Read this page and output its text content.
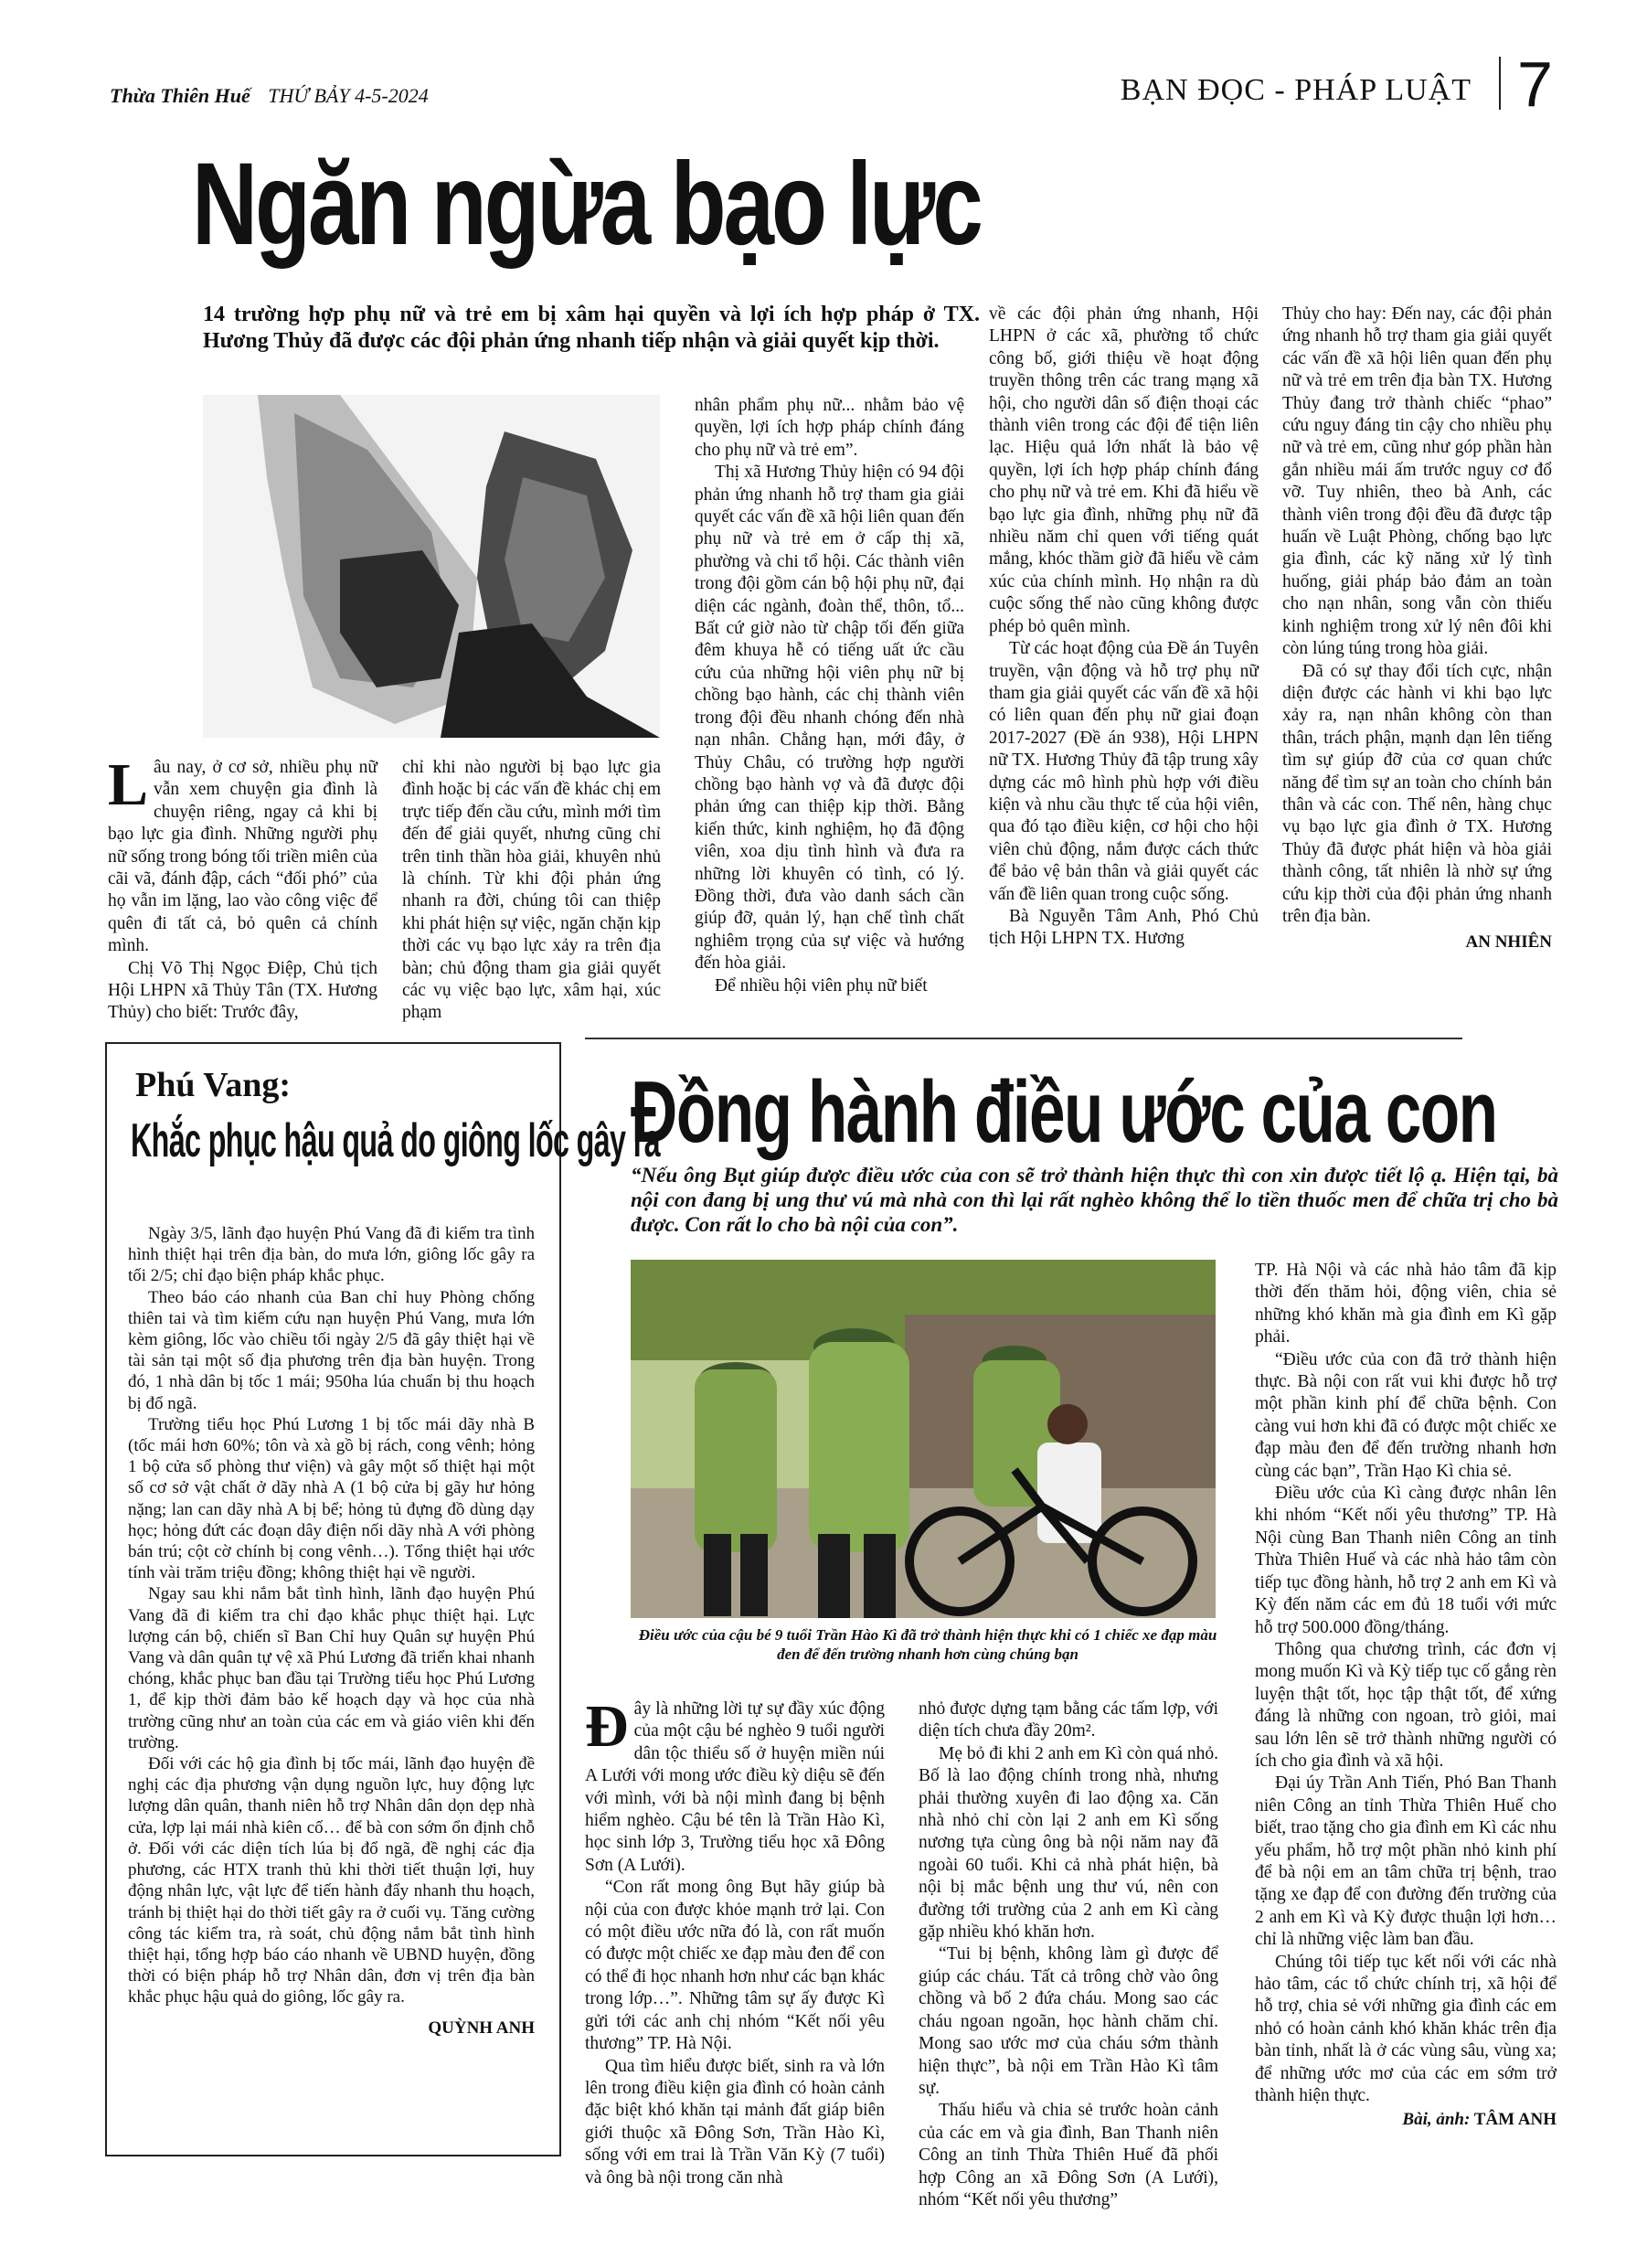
Thừa Thiên Huế THỨ BẢY 4-5-2024	BẠN ĐỌC - PHÁP LUẬT 7
Ngăn ngừa bạo lực
14 trường hợp phụ nữ và trẻ em bị xâm hại quyền và lợi ích hợp pháp ở TX. Hương Thủy đã được các đội phản ứng nhanh tiếp nhận và giải quyết kịp thời.

Lâu nay, ở cơ sở, nhiều phụ nữ vẫn xem chuyện gia đình là chuyện riêng, ngay cả khi bị bạo lực gia đình. Những người phụ nữ sống trong bóng tối triền miên của cãi vã, đánh đập, cách “đối phó” của họ vẫn im lặng, lao vào công việc để quên đi tất cả, bỏ quên cả chính mình.

Chị Võ Thị Ngọc Điệp, Chủ tịch Hội LHPN xã Thủy Tân (TX. Hương Thủy) cho biết: Trước đây,

chỉ khi nào người bị bạo lực gia đình hoặc bị các vấn đề khác chị em trực tiếp đến cầu cứu, mình mới tìm đến để giải quyết, nhưng cũng chỉ trên tinh thần hòa giải, khuyên nhủ là chính. Từ khi đội phản ứng nhanh ra đời, chúng tôi can thiệp khi phát hiện sự việc, ngăn chặn kịp thời các vụ bạo lực xảy ra trên địa bàn; chủ động tham gia giải quyết các vụ việc bạo lực, xâm hại, xúc phạm

nhân phẩm phụ nữ... nhằm bảo vệ quyền, lợi ích hợp pháp chính đáng cho phụ nữ và trẻ em”.

Thị xã Hương Thủy hiện có 94 đội phản ứng nhanh hỗ trợ tham gia giải quyết các vấn đề xã hội liên quan đến phụ nữ và trẻ em ở cấp thị xã, phường và chi tổ hội. Các thành viên trong đội gồm cán bộ hội phụ nữ, đại diện các ngành, đoàn thể, thôn, tổ... Bất cứ giờ nào từ chập tối đến giữa đêm khuya hễ có tiếng uất ức cầu cứu của những hội viên phụ nữ bị chồng bạo hành, các chị thành viên trong đội đều nhanh chóng đến nhà nạn nhân. Chẳng hạn, mới đây, ở Thủy Châu, có trường hợp người chồng bạo hành vợ và đã được đội phản ứng can thiệp kịp thời. Bằng kiến thức, kinh nghiệm, họ đã động viên, xoa dịu tình hình và đưa ra những lời khuyên có tình, có lý. Đồng thời, đưa vào danh sách cần giúp đỡ, quản lý, hạn chế tình chất nghiêm trọng của sự việc và hướng đến hòa giải.

Để nhiều hội viên phụ nữ biết

về các đội phản ứng nhanh, Hội LHPN ở các xã, phường tổ chức công bố, giới thiệu về hoạt động truyền thông trên các trang mạng xã hội, cho người dân số điện thoại các thành viên trong các đội để tiện liên lạc. Hiệu quả lớn nhất là bảo vệ quyền, lợi ích hợp pháp chính đáng cho phụ nữ và trẻ em. Khi đã hiểu về bạo lực gia đình, những phụ nữ đã nhiều năm chỉ quen với tiếng quát mắng, khóc thầm giờ đã hiểu về cảm xúc của chính mình. Họ nhận ra dù cuộc sống thế nào cũng không được phép bỏ quên mình.

Từ các hoạt động của Đề án Tuyên truyền, vận động và hỗ trợ phụ nữ tham gia giải quyết các vấn đề xã hội có liên quan đến phụ nữ giai đoạn 2017-2027 (Đề án 938), Hội LHPN nữ TX. Hương Thủy đã tập trung xây dựng các mô hình phù hợp với điều kiện và nhu cầu thực tế của hội viên, qua đó tạo điều kiện, cơ hội cho hội viên chủ động, nắm được cách thức để bảo vệ bản thân và giải quyết các vấn đề liên quan trong cuộc sống.

Bà Nguyễn Tâm Anh, Phó Chủ tịch Hội LHPN TX. Hương

Thủy cho hay: Đến nay, các đội phản ứng nhanh hỗ trợ tham gia giải quyết các vấn đề xã hội liên quan đến phụ nữ và trẻ em trên địa bàn TX. Hương Thủy đang trở thành chiếc “phao” cứu nguy đáng tin cậy cho nhiều phụ nữ và trẻ em, cũng như góp phần hàn gắn nhiều mái ấm trước nguy cơ đổ vỡ. Tuy nhiên, theo bà Anh, các thành viên trong đội đều đã được tập huấn về Luật Phòng, chống bạo lực gia đình, các kỹ năng xử lý tình huống, giải pháp bảo đảm an toàn cho nạn nhân, song vẫn còn thiếu kinh nghiệm trong xử lý nên đôi khi còn lúng túng trong hòa giải.

Đã có sự thay đổi tích cực, nhận diện được các hành vi khi bạo lực xảy ra, nạn nhân không còn than thân, trách phận, mạnh dạn lên tiếng tìm sự giúp đỡ của cơ quan chức năng để tìm sự an toàn cho chính bản thân và các con. Thế nên, hàng chục vụ bạo lực gia đình ở TX. Hương Thủy đã được phát hiện và hòa giải thành công, tất nhiên là nhờ sự ứng cứu kịp thời của đội phản ứng nhanh trên địa bàn.

AN NHIÊN
Phú Vang:
Khắc phục hậu quả do giông lốc gây ra

Ngày 3/5, lãnh đạo huyện Phú Vang đã đi kiểm tra tình hình thiệt hại trên địa bàn, do mưa lớn, giông lốc gây ra tối 2/5; chỉ đạo biện pháp khắc phục.

Theo báo cáo nhanh của Ban chỉ huy Phòng chống thiên tai và tìm kiếm cứu nạn huyện Phú Vang, mưa lớn kèm giông, lốc vào chiều tối ngày 2/5 đã gây thiệt hại về tài sản tại một số địa phương trên địa bàn huyện. Trong đó, 1 nhà dân bị tốc 1 mái; 950ha lúa chuẩn bị thu hoạch bị đổ ngã.

Trường tiểu học Phú Lương 1 bị tốc mái dãy nhà B (tốc mái hơn 60%; tôn và xà gồ bị rách, cong vênh; hỏng 1 bộ cửa sổ phòng thư viện) và gây một số thiệt hại một số cơ sở vật chất ở dãy nhà A (1 bộ cửa bị gãy hư hỏng nặng; lan can dãy nhà A bị bể; hỏng tủ đựng đồ dùng dạy học; hỏng đứt các đoạn dây điện nối dãy nhà A với phòng bán trú; cột cờ chính bị cong vênh…). Tổng thiệt hại ước tính vài trăm triệu đồng; không thiệt hại về người.

Ngay sau khi nắm bắt tình hình, lãnh đạo huyện Phú Vang đã đi kiểm tra chỉ đạo khắc phục thiệt hại. Lực lượng cán bộ, chiến sĩ Ban Chỉ huy Quân sự huyện Phú Vang và dân quân tự vệ xã Phú Lương đã triển khai nhanh chóng, khắc phục ban đầu tại Trường tiểu học Phú Lương 1, để kịp thời đảm bảo kế hoạch dạy và học của nhà trường cũng như an toàn của các em và giáo viên khi đến trường.

Đối với các hộ gia đình bị tốc mái, lãnh đạo huyện đề nghị các địa phương vận dụng nguồn lực, huy động lực lượng dân quân, thanh niên hỗ trợ Nhân dân dọn dẹp nhà cửa, lợp lại mái nhà kiên cố… để bà con sớm ổn định chỗ ở. Đối với các diện tích lúa bị đổ ngã, đề nghị các địa phương, các HTX tranh thủ khi thời tiết thuận lợi, huy động nhân lực, vật lực để tiến hành đẩy nhanh thu hoạch, tránh bị thiệt hại do thời tiết gây ra ở cuối vụ. Tăng cường công tác kiểm tra, rà soát, chủ động nắm bắt tình hình thiệt hại, tổng hợp báo cáo nhanh về UBND huyện, đồng thời có biện pháp hỗ trợ Nhân dân, đơn vị trên địa bàn khắc phục hậu quả do giông, lốc gây ra.

QUỲNH ANH
Đồng hành điều ước của con
“Nếu ông Bụt giúp được điều ước của con sẽ trở thành hiện thực thì con xin được tiết lộ ạ. Hiện tại, bà nội con đang bị ung thư vú mà nhà con thì lại rất nghèo không thể lo tiền thuốc men để chữa trị cho bà được. Con rất lo cho bà nội của con”.
Điều ước của cậu bé 9 tuổi Trần Hào Kì đã trở thành hiện thực khi có 1 chiếc xe đạp màu đen để đến trường nhanh hơn cùng chúng bạn

Đây là những lời tự sự đầy xúc động của một cậu bé nghèo 9 tuổi người dân tộc thiểu số ở huyện miền núi A Lưới với mong ước điều kỳ diệu sẽ đến với mình, với bà nội mình đang bị bệnh hiểm nghèo. Cậu bé tên là Trần Hào Kì, học sinh lớp 3, Trường tiểu học xã Đông Sơn (A Lưới).

“Con rất mong ông Bụt hãy giúp bà nội của con được khỏe mạnh trở lại. Con có một điều ước nữa đó là, con rất muốn có được một chiếc xe đạp màu đen để con có thể đi học nhanh hơn như các bạn khác trong lớp…”. Những tâm sự ấy được Kì gửi tới các anh chị nhóm “Kết nối yêu thương” TP. Hà Nội.

Qua tìm hiểu được biết, sinh ra và lớn lên trong điều kiện gia đình có hoàn cảnh đặc biệt khó khăn tại mảnh đất giáp biên giới thuộc xã Đông Sơn, Trần Hào Kì, sống với em trai là Trần Văn Kỳ (7 tuổi) và ông bà nội trong căn nhà

nhỏ được dựng tạm bằng các tấm lợp, với diện tích chưa đầy 20m².

Mẹ bỏ đi khi 2 anh em Kì còn quá nhỏ. Bố là lao động chính trong nhà, nhưng phải thường xuyên đi lao động xa. Căn nhà nhỏ chỉ còn lại 2 anh em Kì sống nương tựa cùng ông bà nội năm nay đã ngoài 60 tuổi. Khi cả nhà phát hiện, bà nội bị mắc bệnh ung thư vú, nên con đường tới trường của 2 anh em Kì càng gặp nhiều khó khăn hơn.

“Tui bị bệnh, không làm gì được để giúp các cháu. Tất cả trông chờ vào ông chồng và bố 2 đứa cháu. Mong sao các cháu ngoan ngoãn, học hành chăm chỉ. Mong sao ước mơ của cháu sớm thành hiện thực”, bà nội em Trần Hào Kì tâm sự.

Thấu hiểu và chia sẻ trước hoàn cảnh của các em và gia đình, Ban Thanh niên Công an tỉnh Thừa Thiên Huế đã phối hợp Công an xã Đông Sơn (A Lưới), nhóm “Kết nối yêu thương”

TP. Hà Nội và các nhà hảo tâm đã kịp thời đến thăm hỏi, động viên, chia sẻ những khó khăn mà gia đình em Kì gặp phải.

“Điều ước của con đã trở thành hiện thực. Bà nội con rất vui khi được hỗ trợ một phần kinh phí để chữa bệnh. Con càng vui hơn khi đã có được một chiếc xe đạp màu đen để đến trường nhanh hơn cùng các bạn”, Trần Hạo Kì chia sẻ.

Điều ước của Kì càng được nhân lên khi nhóm “Kết nối yêu thương” TP. Hà Nội cùng Ban Thanh niên Công an tỉnh Thừa Thiên Huế và các nhà hảo tâm còn tiếp tục đồng hành, hỗ trợ 2 anh em Kì và Kỳ đến năm các em đủ 18 tuổi với mức hỗ trợ 500.000 đồng/tháng.

Thông qua chương trình, các đơn vị mong muốn Kì và Kỳ tiếp tục cố gắng rèn luyện thật tốt, học tập thật tốt, để xứng đáng là những con ngoan, trò giỏi, mai sau lớn lên sẽ trở thành những người có ích cho gia đình và xã hội.

Đại úy Trần Anh Tiến, Phó Ban Thanh niên Công an tỉnh Thừa Thiên Huế cho biết, trao tặng cho gia đình em Kì các nhu yếu phẩm, hỗ trợ một phần nhỏ kinh phí để bà nội em an tâm chữa trị bệnh, trao tặng xe đạp để con đường đến trường của 2 anh em Kì và Kỳ được thuận lợi hơn… chỉ là những việc làm ban đầu.

Chúng tôi tiếp tục kết nối với các nhà hảo tâm, các tổ chức chính trị, xã hội để hỗ trợ, chia sẻ với những gia đình các em nhỏ có hoàn cảnh khó khăn khác trên địa bàn tỉnh, nhất là ở các vùng sâu, vùng xa; để những ước mơ của các em sớm trở thành hiện thực.

Bài, ảnh: TÂM ANH
